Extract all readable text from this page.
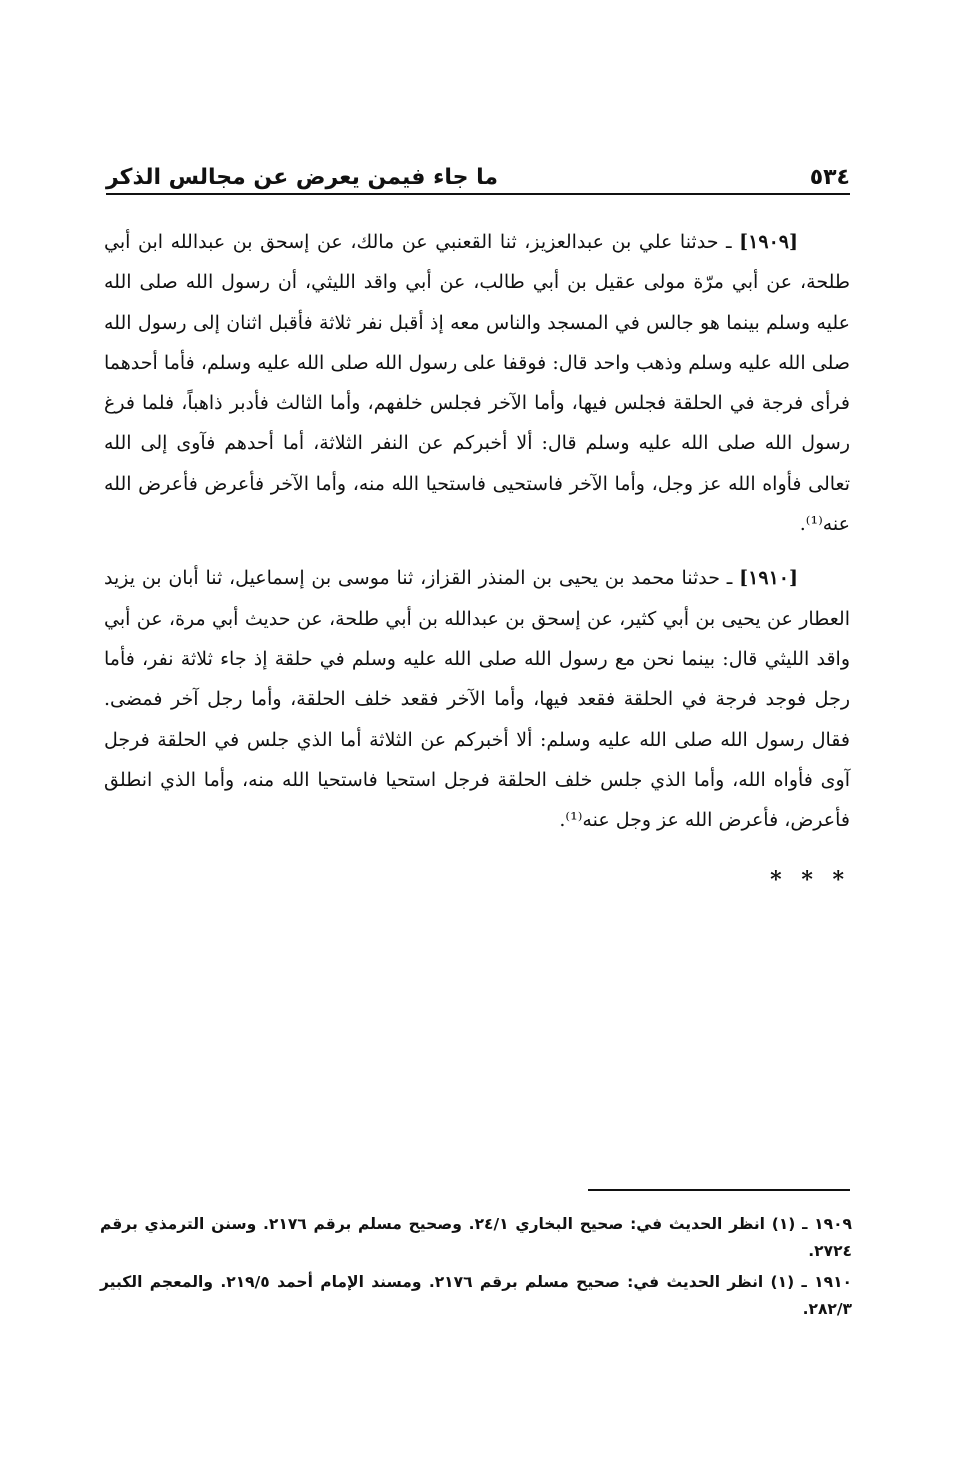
٥٣٤
ما جاء فيمن يعرض عن مجالس الذكر

[١٩٠٩] ـ حدثنا علي بن عبدالعزيز، ثنا القعنبي عن مالك، عن إسحق بن عبدالله ابن أبي طلحة، عن أبي مرّة مولى عقيل بن أبي طالب، عن أبي واقد الليثي، أن رسول الله صلى الله عليه وسلم بينما هو جالس في المسجد والناس معه إذ أقبل نفر ثلاثة فأقبل اثنان إلى رسول الله صلى الله عليه وسلم وذهب واحد قال: فوقفا على رسول الله صلى الله عليه وسلم، فأما أحدهما فرأى فرجة في الحلقة فجلس فيها، وأما الآخر فجلس خلفهم، وأما الثالث فأدبر ذاهباً، فلما فرغ رسول الله صلى الله عليه وسلم قال: ألا أخبركم عن النفر الثلاثة، أما أحدهم فآوى إلى الله تعالى فأواه الله عز وجل، وأما الآخر فاستحيى فاستحيا الله منه، وأما الآخر فأعرض فأعرض الله عنه⁽¹⁾.

[١٩١٠] ـ حدثنا محمد بن يحيى بن المنذر القزاز، ثنا موسى بن إسماعيل، ثنا أبان بن يزيد العطار عن يحيى بن أبي كثير، عن إسحق بن عبدالله بن أبي طلحة، عن حديث أبي مرة، عن أبي واقد الليثي قال: بينما نحن مع رسول الله صلى الله عليه وسلم في حلقة إذ جاء ثلاثة نفر، فأما رجل فوجد فرجة في الحلقة فقعد فيها، وأما الآخر فقعد خلف الحلقة، وأما رجل آخر فمضى. فقال رسول الله صلى الله عليه وسلم: ألا أخبركم عن الثلاثة أما الذي جلس في الحلقة فرجل آوى فأواه الله، وأما الذي جلس خلف الحلقة فرجل استحيا فاستحيا الله منه، وأما الذي انطلق فأعرض، فأعرض الله عز وجل عنه⁽¹⁾.

* * *

١٩٠٩ ـ (١) انظر الحديث في: صحيح البخاري ٢٤/١. وصحيح مسلم برقم ٢١٧٦. وسنن الترمذي برقم ٢٧٢٤.

١٩١٠ ـ (١) انظر الحديث في: صحيح مسلم برقم ٢١٧٦. ومسند الإمام أحمد ٢١٩/٥. والمعجم الكبير ٢٨٢/٣.
